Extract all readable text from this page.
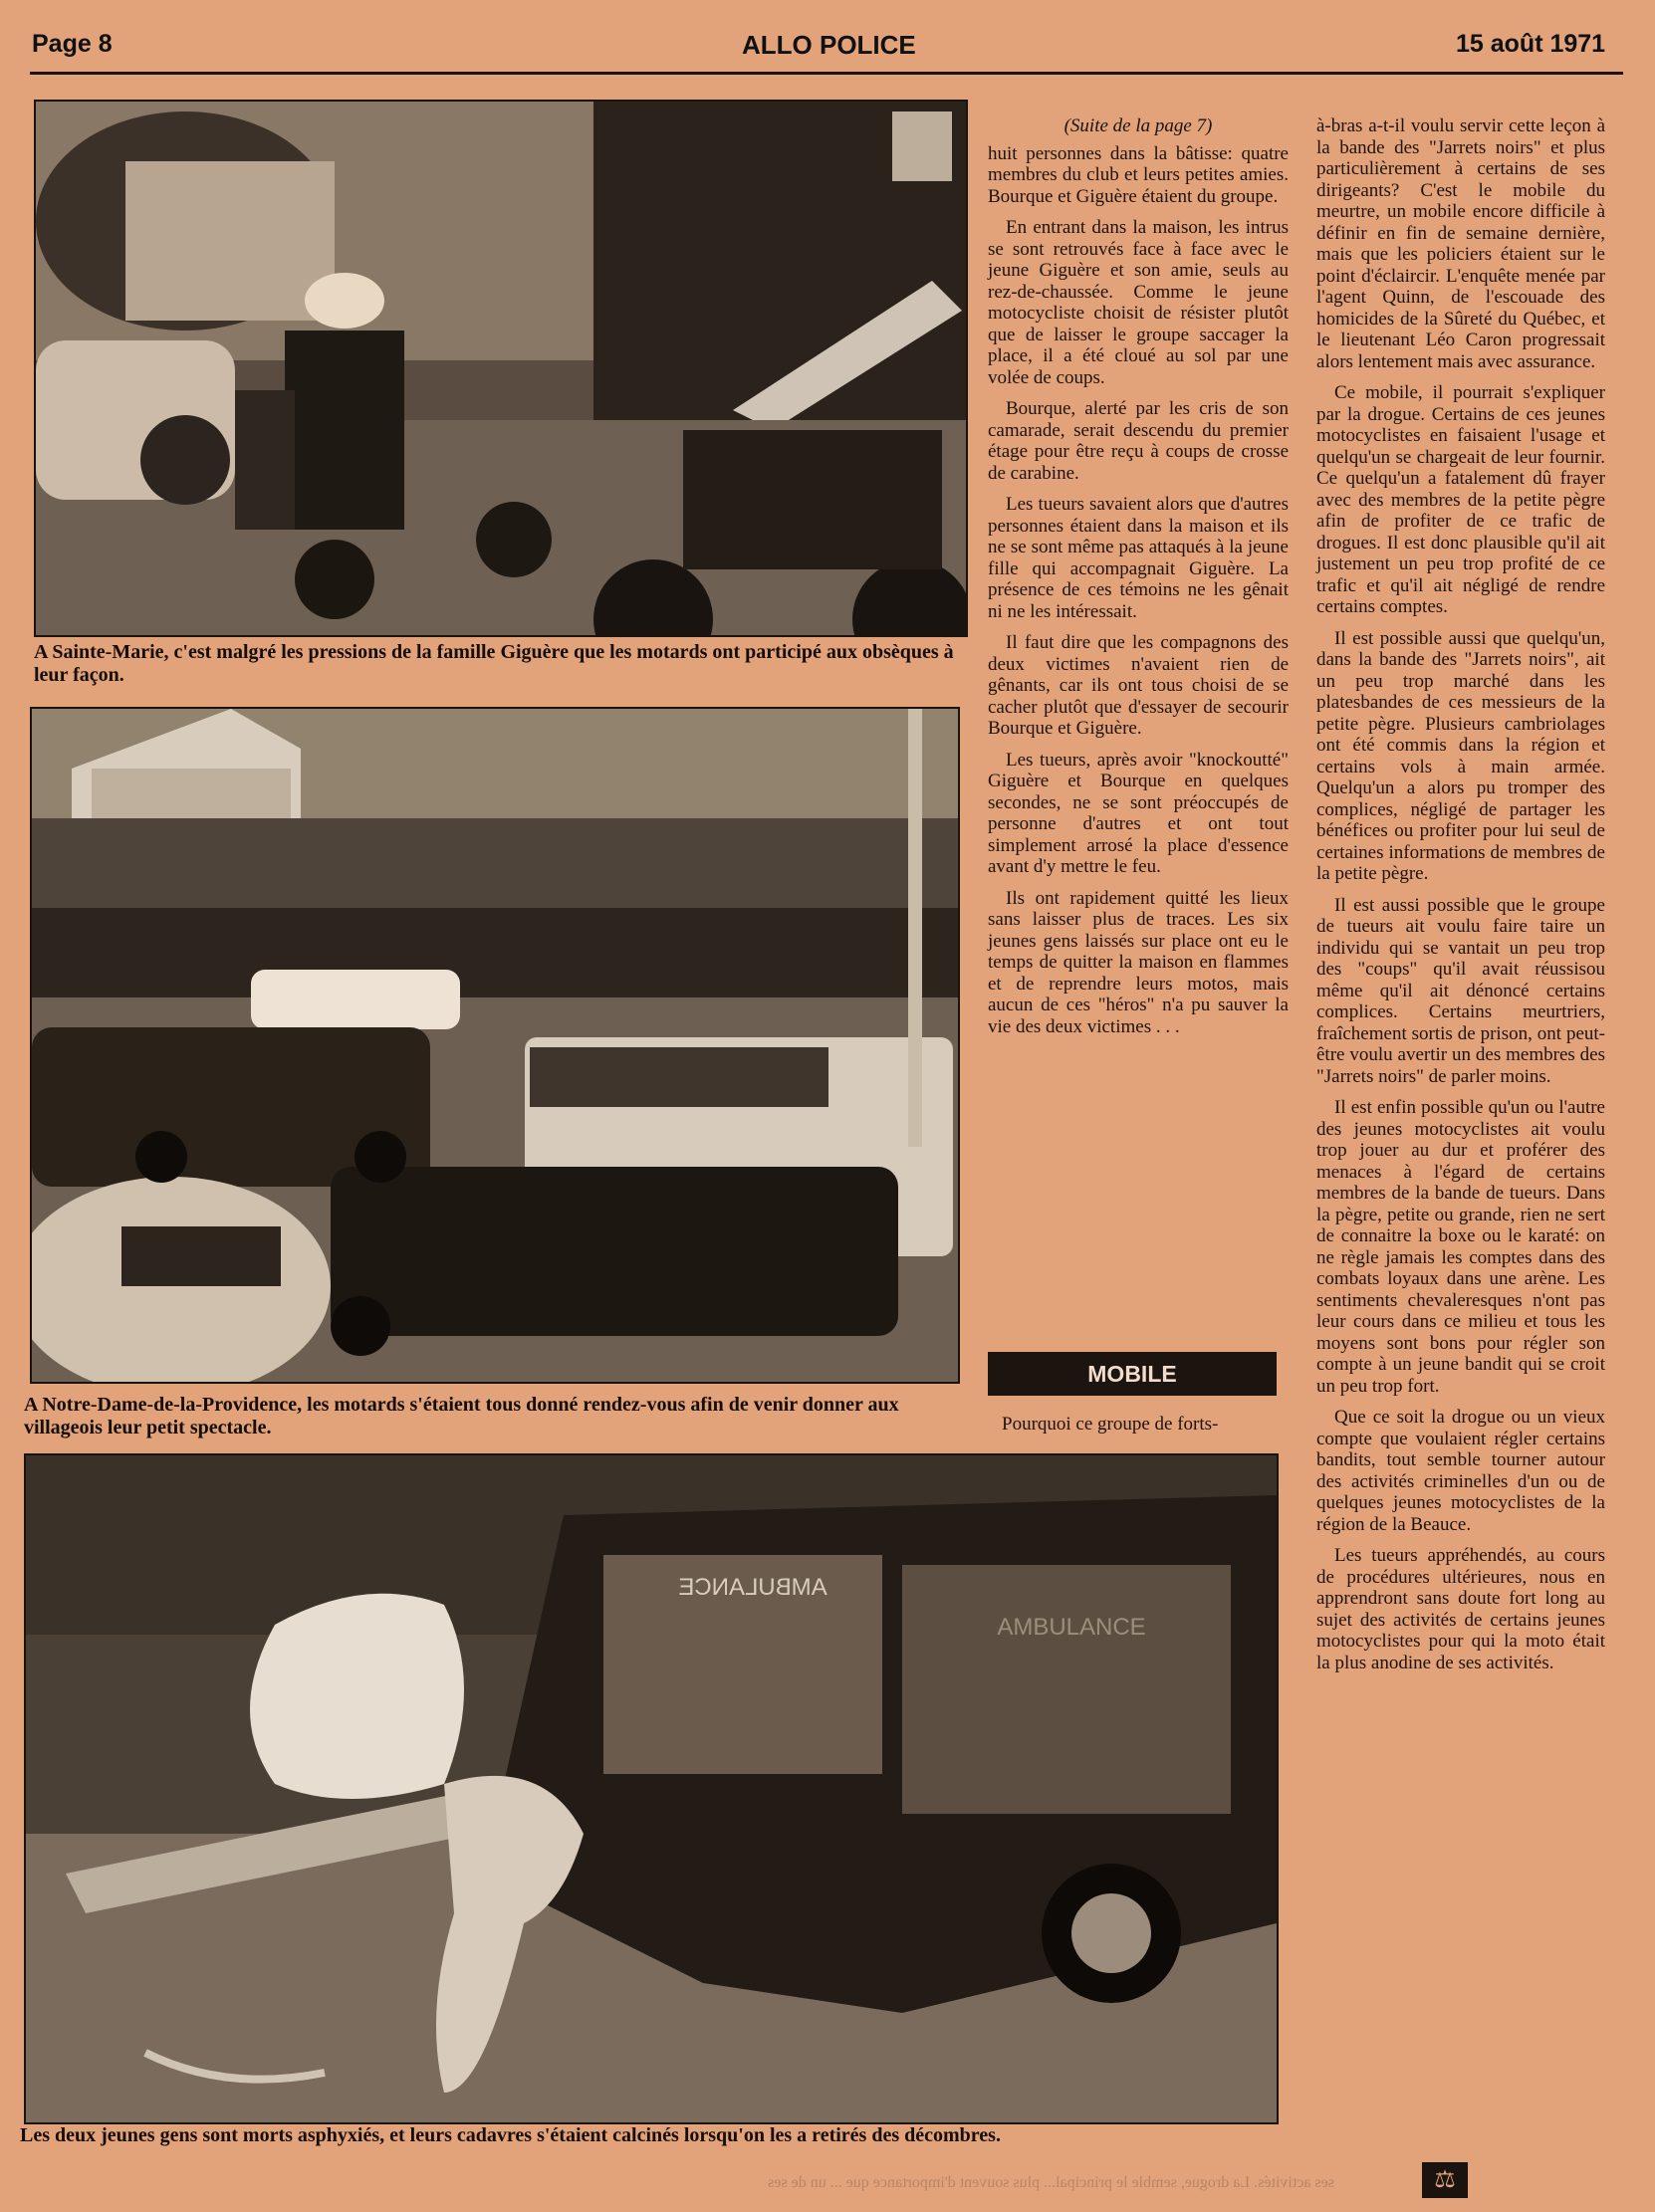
Page 8	ALLO POLICE	15 août 1971
A Sainte-Marie, c'est malgré les pressions de la famille Giguère que les motards ont participé aux obsèques à leur façon.
A Notre-Dame-de-la-Providence, les motards s'étaient tous donné rendez-vous afin de venir donner aux villageois leur petit spectacle.
AMBULANCE
AMBULANCE
Les deux jeunes gens sont morts asphyxiés, et leurs cadavres s'étaient calcinés lorsqu'on les a retirés des décombres.
(Suite de la page 7)

huit personnes dans la bâtisse: quatre membres du club et leurs petites amies. Bourque et Giguère étaient du groupe.

En entrant dans la maison, les intrus se sont retrouvés face à face avec le jeune Giguère et son amie, seuls au rez-de-chaussée. Comme le jeune motocycliste choisit de résister plutôt que de laisser le groupe saccager la place, il a été cloué au sol par une volée de coups.

Bourque, alerté par les cris de son camarade, serait descendu du premier étage pour être reçu à coups de crosse de carabine.

Les tueurs savaient alors que d'autres personnes étaient dans la maison et ils ne se sont même pas attaqués à la jeune fille qui accompagnait Giguère. La présence de ces témoins ne les gênait ni ne les intéressait.

Il faut dire que les compagnons des deux victimes n'avaient rien de gênants, car ils ont tous choisi de se cacher plutôt que d'essayer de secourir Bourque et Giguère.

Les tueurs, après avoir "knockoutté" Giguère et Bourque en quelques secondes, ne se sont préoccupés de personne d'autres et ont tout simplement arrosé la place d'essence avant d'y mettre le feu.

Ils ont rapidement quitté les lieux sans laisser plus de traces. Les six jeunes gens laissés sur place ont eu le temps de quitter la maison en flammes et de reprendre leurs motos, mais aucun de ces "héros" n'a pu sauver la vie des deux victimes . . .

MOBILE
Pourquoi ce groupe de forts-

à-bras a-t-il voulu servir cette leçon à la bande des "Jarrets noirs" et plus particulièrement à certains de ses dirigeants? C'est le mobile du meurtre, un mobile encore difficile à définir en fin de semaine dernière, mais que les policiers étaient sur le point d'éclaircir. L'enquête menée par l'agent Quinn, de l'escouade des homicides de la Sûreté du Québec, et le lieutenant Léo Caron progressait alors lentement mais avec assurance.

Ce mobile, il pourrait s'expliquer par la drogue. Certains de ces jeunes motocyclistes en faisaient l'usage et quelqu'un se chargeait de leur fournir. Ce quelqu'un a fatalement dû frayer avec des membres de la petite pègre afin de profiter de ce trafic de drogues. Il est donc plausible qu'il ait justement un peu trop profité de ce trafic et qu'il ait négligé de rendre certains comptes.

Il est possible aussi que quelqu'un, dans la bande des "Jarrets noirs", ait un peu trop marché dans les platesbandes de ces messieurs de la petite pègre. Plusieurs cambriolages ont été commis dans la région et certains vols à main armée. Quelqu'un a alors pu tromper des complices, négligé de partager les bénéfices ou profiter pour lui seul de certaines informations de membres de la petite pègre.

Il est aussi possible que le groupe de tueurs ait voulu faire taire un individu qui se vantait un peu trop des "coups" qu'il avait réussisou même qu'il ait dénoncé certains complices. Certains meurtriers, fraîchement sortis de prison, ont peut-être voulu avertir un des membres des "Jarrets noirs" de parler moins.

Il est enfin possible qu'un ou l'autre des jeunes motocyclistes ait voulu trop jouer au dur et proférer des menaces à l'égard de certains membres de la bande de tueurs. Dans la pègre, petite ou grande, rien ne sert de connaitre la boxe ou le karaté: on ne règle jamais les comptes dans des combats loyaux dans une arène. Les sentiments chevaleresques n'ont pas leur cours dans ce milieu et tous les moyens sont bons pour régler son compte à un jeune bandit qui se croit un peu trop fort.

Que ce soit la drogue ou un vieux compte que voulaient régler certains bandits, tout semble tourner autour des activités criminelles d'un ou de quelques jeunes motocyclistes de la région de la Beauce.

Les tueurs appréhendés, au cours de procédures ultérieures, nous en apprendront sans doute fort long au sujet des activités de certains jeunes motocyclistes pour qui la moto était la plus anodine de ses activités.

ses activités. La drogue, semble le principal... plus souvent d'importance que ... un de ses	⚖
